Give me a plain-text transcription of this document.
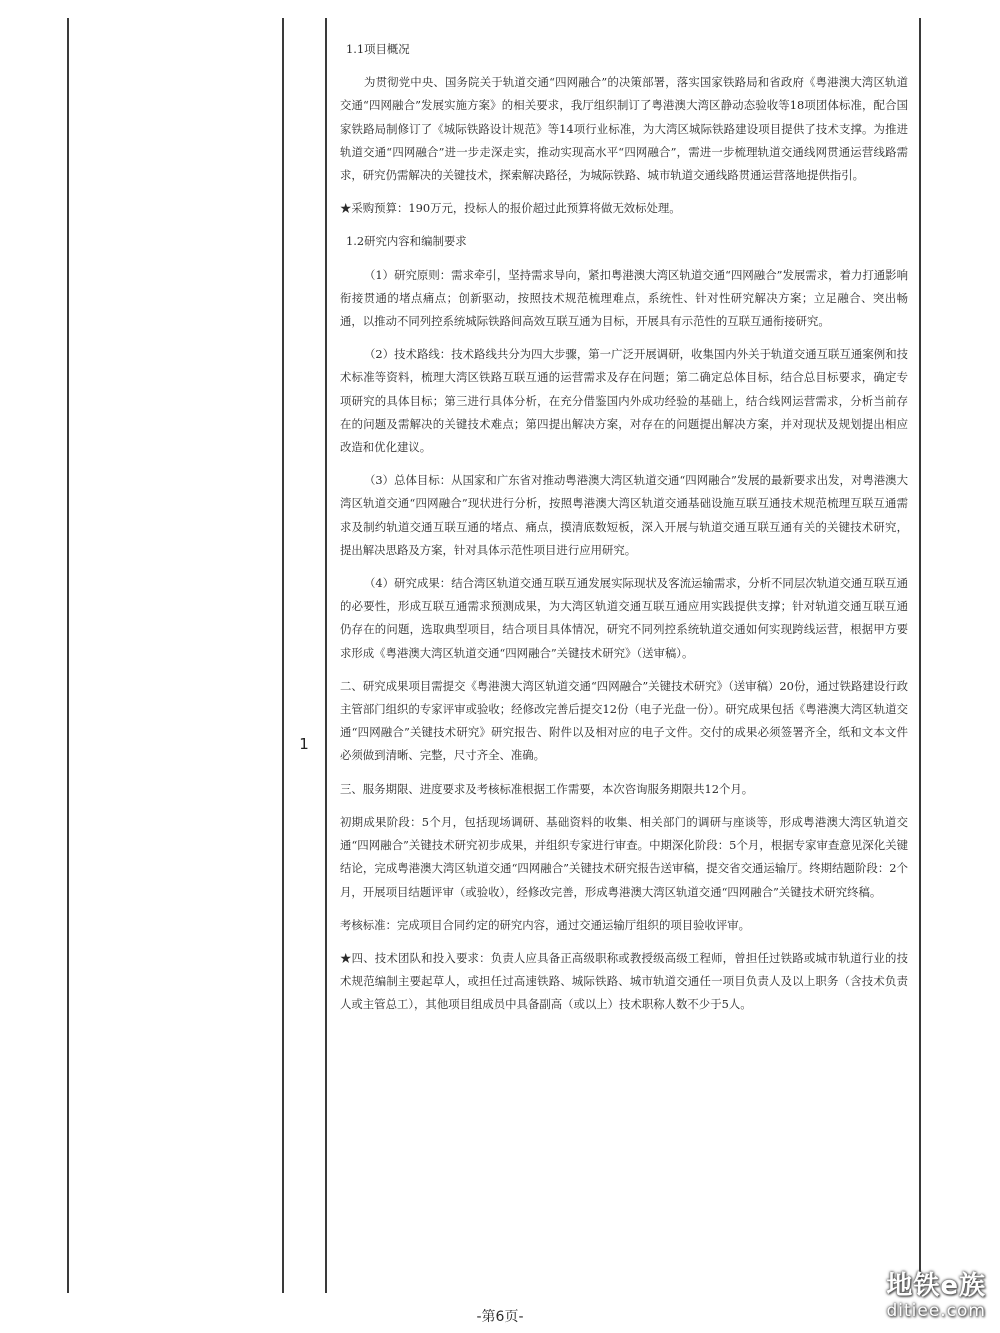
1

1.1项目概况

为贯彻党中央、国务院关于轨道交通“四网融合”的决策部署，落实国家铁路局和省政府《粤港澳大湾区轨道交通“四网融合”发展实施方案》的相关要求，我厅组织制订了粤港澳大湾区静动态验收等18项团体标准，配合国家铁路局制修订了《城际铁路设计规范》等14项行业标准，为大湾区城际铁路建设项目提供了技术支撑。为推进轨道交通“四网融合”进一步走深走实，推动实现高水平“四网融合”，需进一步梳理轨道交通线网贯通运营线路需求，研究仍需解决的关键技术，探索解决路径，为城际铁路、城市轨道交通线路贯通运营落地提供指引。

★采购预算：190万元，投标人的报价超过此预算将做无效标处理。

1.2研究内容和编制要求

（1）研究原则：需求牵引，坚持需求导向，紧扣粤港澳大湾区轨道交通“四网融合”发展需求，着力打通影响衔接贯通的堵点痛点；创新驱动，按照技术规范梳理难点，系统性、针对性研究解决方案；立足融合、突出畅通，以推动不同列控系统城际铁路间高效互联互通为目标，开展具有示范性的互联互通衔接研究。

（2）技术路线：技术路线共分为四大步骤，第一广泛开展调研，收集国内外关于轨道交通互联互通案例和技术标准等资料，梳理大湾区铁路互联互通的运营需求及存在问题；第二确定总体目标，结合总目标要求，确定专项研究的具体目标；第三进行具体分析，在充分借鉴国内外成功经验的基础上，结合线网运营需求，分析当前存在的问题及需解决的关键技术难点；第四提出解决方案，对存在的问题提出解决方案，并对现状及规划提出相应改造和优化建议。

（3）总体目标：从国家和广东省对推动粤港澳大湾区轨道交通“四网融合”发展的最新要求出发，对粤港澳大湾区轨道交通“四网融合”现状进行分析，按照粤港澳大湾区轨道交通基础设施互联互通技术规范梳理互联互通需求及制约轨道交通互联互通的堵点、痛点，摸清底数短板，深入开展与轨道交通互联互通有关的关键技术研究，提出解决思路及方案，针对具体示范性项目进行应用研究。

（4）研究成果：结合湾区轨道交通互联互通发展实际现状及客流运输需求，分析不同层次轨道交通互联互通的必要性，形成互联互通需求预测成果，为大湾区轨道交通互联互通应用实践提供支撑；针对轨道交通互联互通仍存在的问题，选取典型项目，结合项目具体情况，研究不同列控系统轨道交通如何实现跨线运营，根据甲方要求形成《粤港澳大湾区轨道交通“四网融合”关键技术研究》（送审稿）。

二、研究成果项目需提交《粤港澳大湾区轨道交通“四网融合”关键技术研究》（送审稿）20份，通过铁路建设行政主管部门组织的专家评审或验收；经修改完善后提交12份（电子光盘一份）。研究成果包括《粤港澳大湾区轨道交通“四网融合”关键技术研究》研究报告、附件以及相对应的电子文件。交付的成果必须签署齐全，纸和文本文件必须做到清晰、完整，尺寸齐全、准确。

三、服务期限、进度要求及考核标准根据工作需要，本次咨询服务期限共12个月。

初期成果阶段：5个月，包括现场调研、基础资料的收集、相关部门的调研与座谈等，形成粤港澳大湾区轨道交通“四网融合”关键技术研究初步成果，并组织专家进行审查。中期深化阶段：5个月，根据专家审查意见深化关键结论，完成粤港澳大湾区轨道交通“四网融合”关键技术研究报告送审稿，提交省交通运输厅。终期结题阶段：2个月，开展项目结题评审（或验收），经修改完善，形成粤港澳大湾区轨道交通“四网融合”关键技术研究终稿。

考核标准：完成项目合同约定的研究内容，通过交通运输厅组织的项目验收评审。

★四、技术团队和投入要求：负责人应具备正高级职称或教授级高级工程师，曾担任过铁路或城市轨道行业的技术规范编制主要起草人，或担任过高速铁路、城际铁路、城市轨道交通任一项目负责人及以上职务（含技术负责人或主管总工），其他项目组成员中具备副高（或以上）技术职称人数不少于5人。

-第6页-
地铁e族
ditiee.com
